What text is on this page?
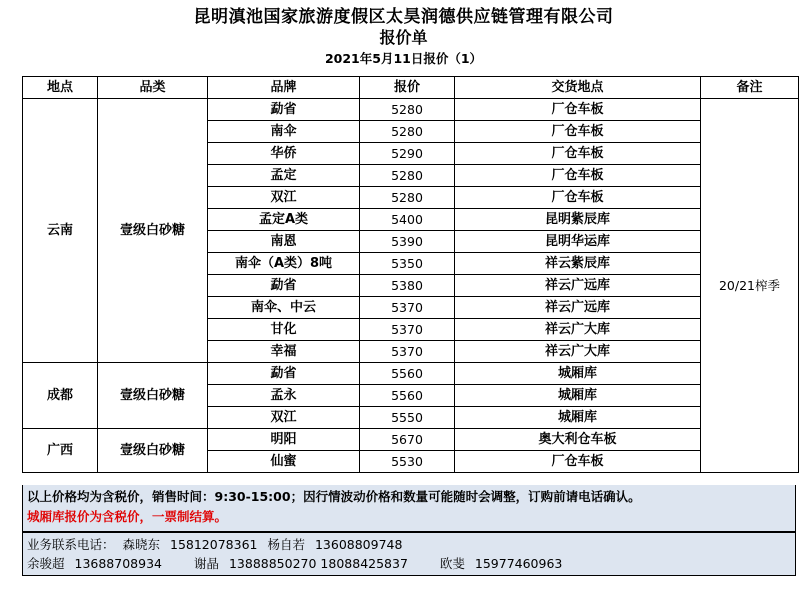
昆明滇池国家旅游度假区太昊润德供应链管理有限公司
报价单
2021年5月11日报价（1）
地点	品类	品牌	报价	交货地点	备注
云南	壹级白砂糖	勐省	5280	厂仓车板	20/21榨季
		南伞	5280	厂仓车板	
		华侨	5290	厂仓车板	
		孟定	5280	厂仓车板	
		双江	5280	厂仓车板	
		孟定A类	5400	昆明紫辰库	
		南恩	5390	昆明华运库	
		南伞（A类）8吨	5350	祥云紫辰库	
		勐省	5380	祥云广远库	
		南伞、中云	5370	祥云广远库	
		甘化	5370	祥云广大库	
		幸福	5370	祥云广大库	
成都	壹级白砂糖	勐省	5560	城厢库	
		孟永	5560	城厢库	
		双江	5550	城厢库	
广西	壹级白砂糖	明阳	5670	奥大利仓车板	
		仙蜜	5530	厂仓车板	
以上价格均为含税价，销售时间：9:30-15:00；因行情波动价格和数量可能随时会调整，订购前请电话确认。
城厢库报价为含税价，一票制结算。
业务联系电话： 森晓东 15812078361 杨自若 13608809748
余骏超 13688708934	谢晶 13888850270 18088425837	欧斐 15977460963
